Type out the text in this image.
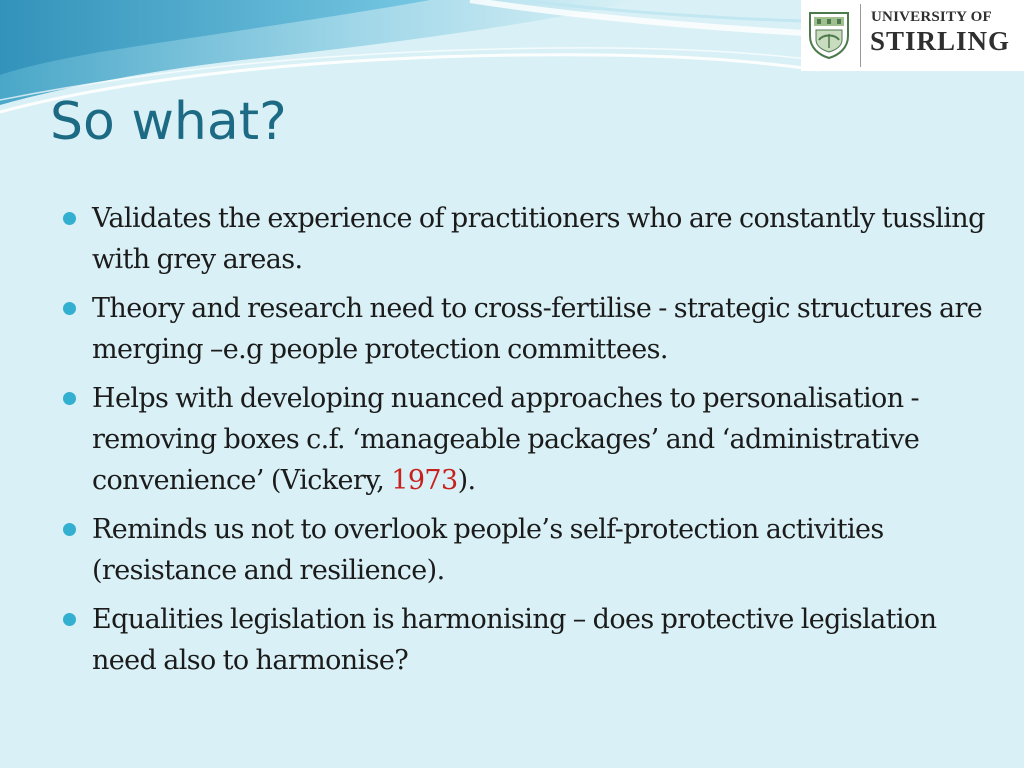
UNIVERSITY OF
STIRLING
So what?
Validates the experience of practitioners who are constantly tussling with grey areas.
Theory and research need to cross-fertilise - strategic structures are merging –e.g people protection committees.
Helps with developing nuanced approaches to personalisation - removing boxes c.f. ‘manageable packages’ and ‘administrative convenience’ (Vickery, 1973).
Reminds us not to overlook people’s self-protection activities (resistance and resilience).
Equalities legislation is harmonising – does protective legislation need also to harmonise?
